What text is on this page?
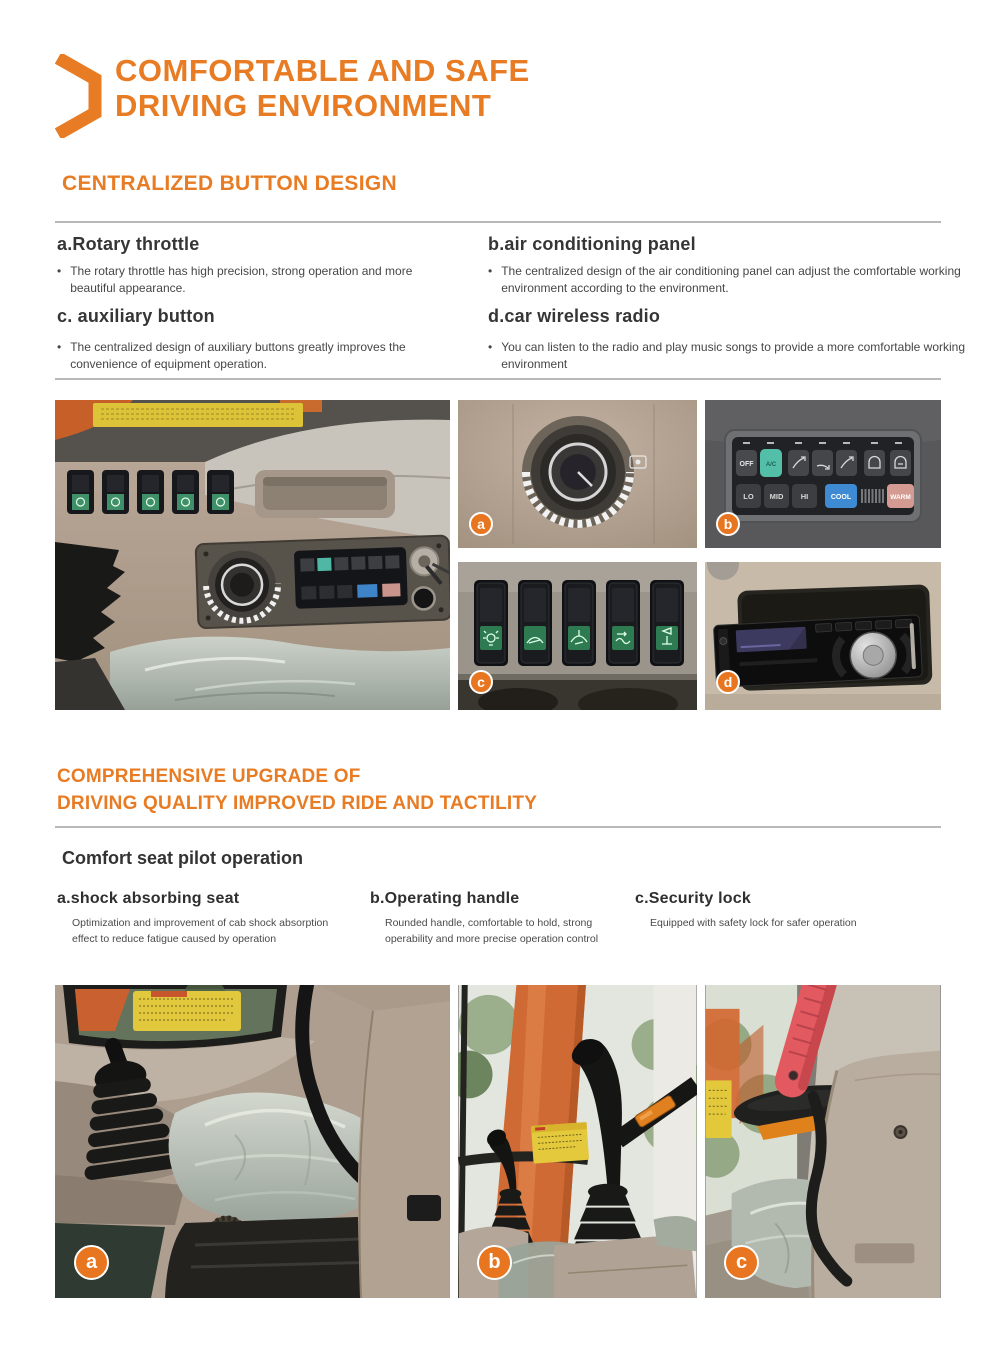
COMFORTABLE AND SAFE
DRIVING ENVIRONMENT
CENTRALIZED BUTTON DESIGN
a.Rotary throttle
• The rotary throttle has high precision, strong operation and more beautiful appearance.
b.air conditioning panel
• The centralized design of the air conditioning panel can adjust the comfortable working environment according to the environment.
c. auxiliary button
• The centralized design of auxiliary buttons greatly improves the convenience of equipment operation.
d.car wireless radio
• You can listen to the radio and play music songs to provide a more comfortable working environment
a
OFF A/C
LO MID HI	COOL	WARM
b
c	d
COMPREHENSIVE UPGRADE OF
DRIVING QUALITY IMPROVED RIDE AND TACTILITY
Comfort seat pilot operation
a.shock absorbing seat

Optimization and improvement of cab shock absorption effect to reduce fatigue caused by operation

b.Operating handle

Rounded handle, comfortable to hold, strong operability and more precise operation control

c.Security lock

Equipped with safety lock for safer operation

a	b	c
